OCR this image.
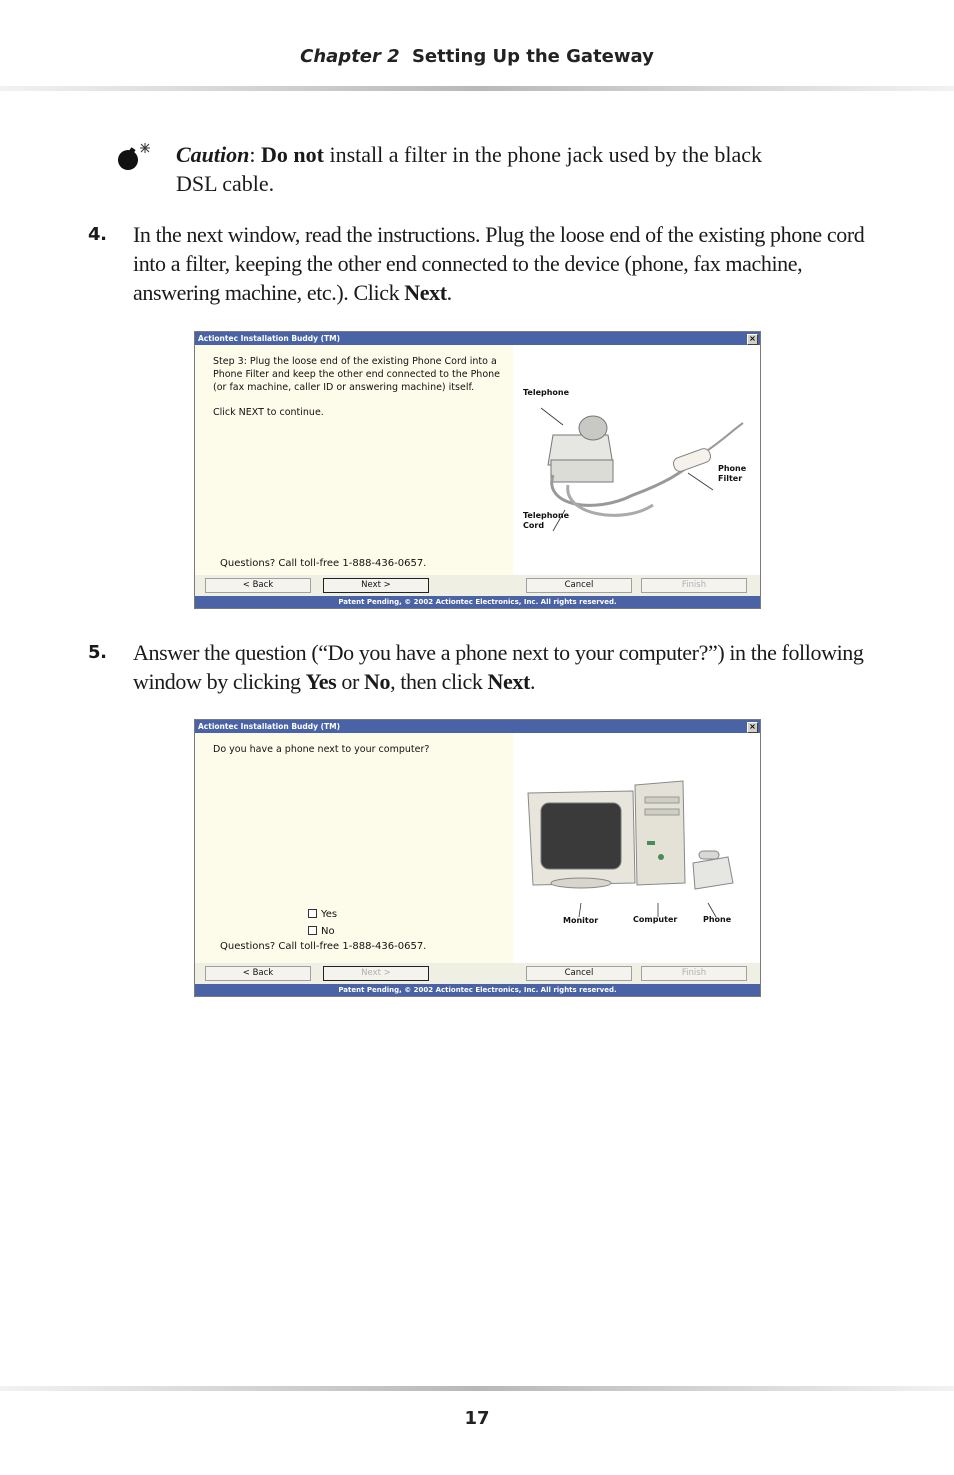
Chapter 2 Setting Up the Gateway
Caution: Do not install a filter in the phone jack used by the black DSL cable.
4. In the next window, read the instructions. Plug the loose end of the existing phone cord into a filter, keeping the other end connected to the device (phone, fax machine, answering machine, etc.). Click Next.
Actiontec Installation Buddy (TM)	×

Step 3: Plug the loose end of the existing Phone Cord into a Phone Filter and keep the other end connected to the Phone (or fax machine, caller ID or answering machine) itself.

Click NEXT to continue.

Questions? Call toll-free 1-888-436-0657.
Telephone
Phone
Filter
Telephone
Cord
< Back	Next >	Cancel	Finish
Patent Pending, © 2002 Actiontec Electronics, Inc. All rights reserved.
5. Answer the question (“Do you have a phone next to your computer?”) in the following window by clicking Yes or No, then click Next.
Actiontec Installation Buddy (TM)	×
Do you have a phone next to your computer?
Yes
No
Questions? Call toll-free 1-888-436-0657.
Monitor	Computer	Phone
< Back	Next >	Cancel	Finish
Patent Pending, © 2002 Actiontec Electronics, Inc. All rights reserved.
17
